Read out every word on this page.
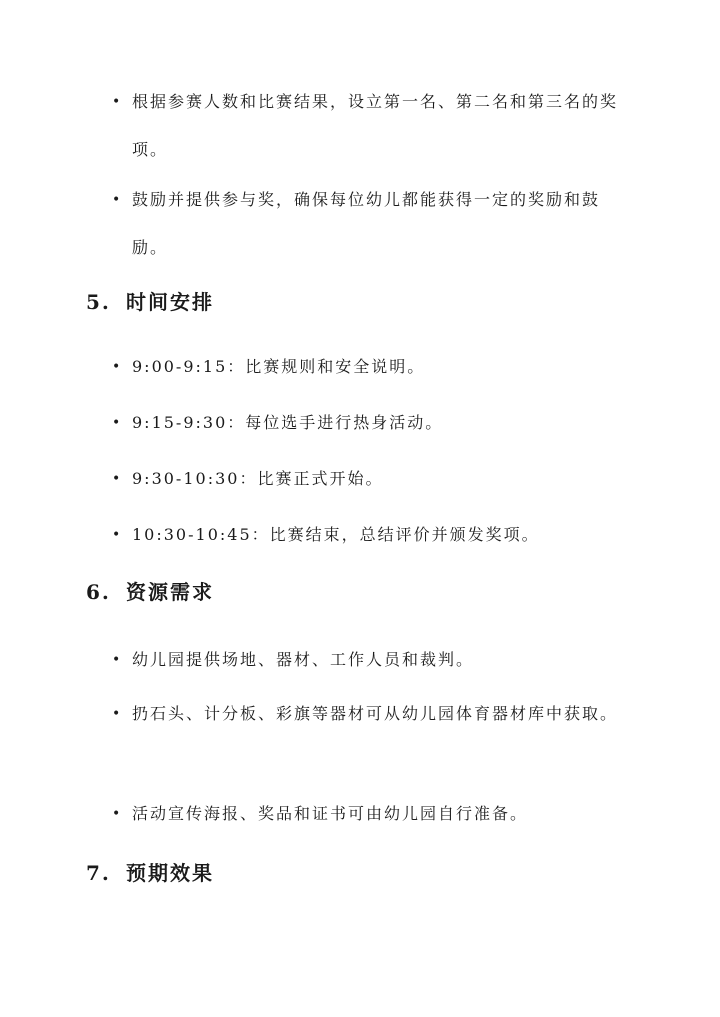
• 根据参赛人数和比赛结果，设立第一名、第二名和第三名的奖项。
• 鼓励并提供参与奖，确保每位幼儿都能获得一定的奖励和鼓励。
5. 时间安排
• 9:00-9:15：比赛规则和安全说明。
• 9:15-9:30：每位选手进行热身活动。
• 9:30-10:30：比赛正式开始。
• 10:30-10:45：比赛结束，总结评价并颁发奖项。
6. 资源需求
• 幼儿园提供场地、器材、工作人员和裁判。
• 扔石头、计分板、彩旗等器材可从幼儿园体育器材库中获取。
• 活动宣传海报、奖品和证书可由幼儿园自行准备。
7. 预期效果
